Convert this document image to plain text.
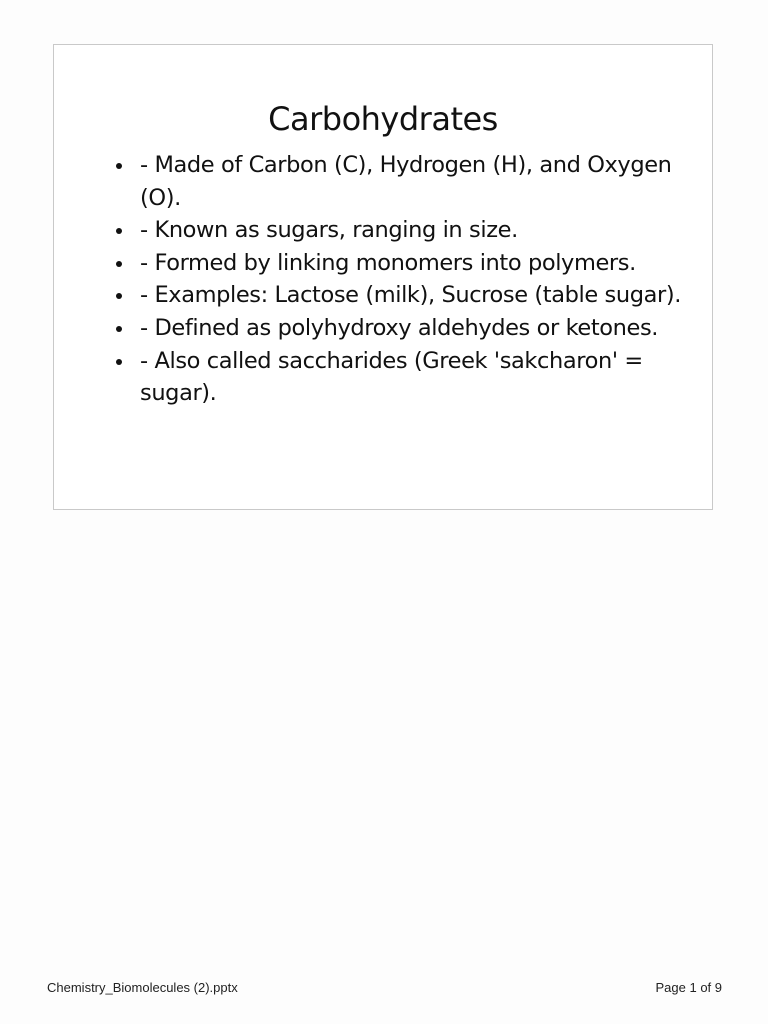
Carbohydrates
- Made of Carbon (C), Hydrogen (H), and Oxygen (O).
- Known as sugars, ranging in size.
- Formed by linking monomers into polymers.
- Examples: Lactose (milk), Sucrose (table sugar).
- Defined as polyhydroxy aldehydes or ketones.
- Also called saccharides (Greek 'sakcharon' = sugar).
Chemistry_Biomolecules (2).pptx	Page 1 of 9
